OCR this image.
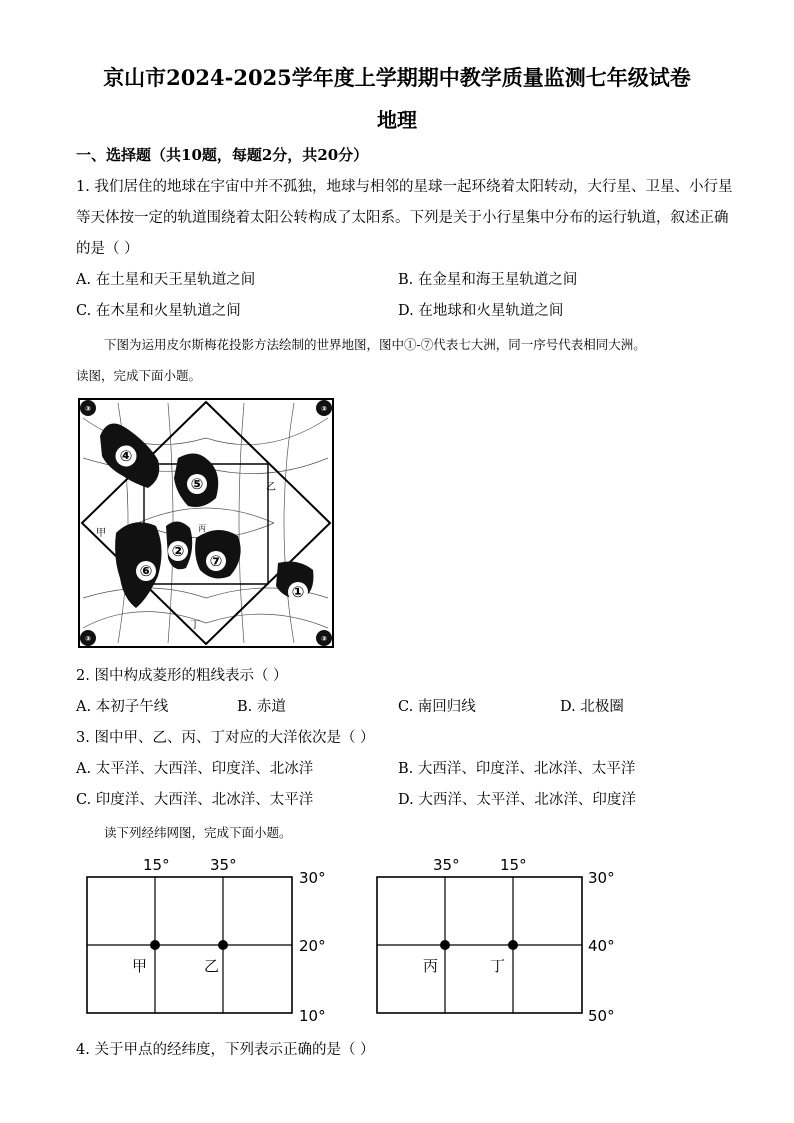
京山市2024-2025学年度上学期期中教学质量监测七年级试卷
地理
一、选择题（共10题，每题2分，共20分）
1. 我们居住的地球在宇宙中并不孤独，地球与相邻的星球一起环绕着太阳转动，大行星、卫星、小行星
等天体按一定的轨道围绕着太阳公转构成了太阳系。下列是关于小行星集中分布的运行轨道，叙述正确
的是（ ）
A. 在土星和天王星轨道之间	B. 在金星和海王星轨道之间
C. 在木星和火星轨道之间	D. 在地球和火星轨道之间
下图为运用皮尔斯梅花投影方法绘制的世界地图，图中①-⑦代表七大洲，同一序号代表相同大洲。
读图，完成下面小题。
④
⑤
②
⑦
⑥
①
③	③
③	③
甲
乙
丙
丁
2. 图中构成菱形的粗线表示（ ）
A. 本初子午线	B. 赤道	C. 南回归线	D. 北极圈
3. 图中甲、乙、丙、丁对应的大洋依次是（ ）
A. 太平洋、大西洋、印度洋、北冰洋	B. 大西洋、印度洋、北冰洋、太平洋
C. 印度洋、大西洋、北冰洋、太平洋	D. 大西洋、太平洋、北冰洋、印度洋
读下列经纬网图，完成下面小题。
15°	35°
30°
20°
10°
甲	乙
35°	15°
30°
40°
50°
丙	丁
4. 关于甲点的经纬度，下列表示正确的是（ ）
